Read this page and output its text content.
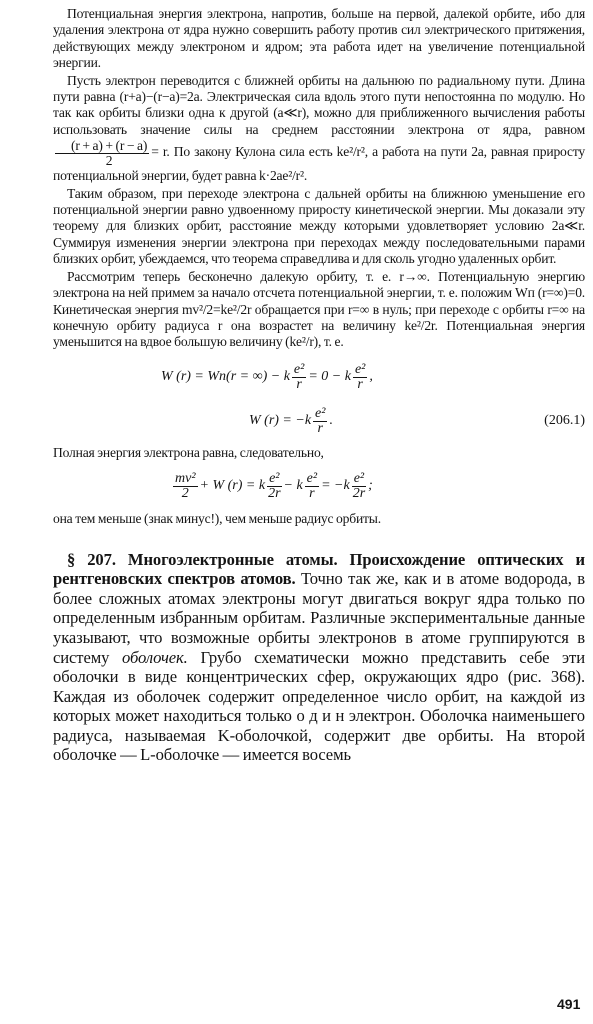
Потенциальная энергия электрона, напротив, больше на первой, далекой орбите, ибо для удаления электрона от ядра нужно совершить работу против сил электрического притяжения, действующих между электроном и ядром; эта работа идет на увеличение потенциальной энергии.

Пусть электрон переводится с ближней орбиты на дальнюю по радиальному пути. Длина пути равна (r+a)−(r−a)=2a. Электрическая сила вдоль этого пути непостоянна по модулю. Но так как орбиты близки одна к другой (a≪r), можно для приближенного вычисления работы использовать значение силы на среднем расстоянии электрона от ядра, равном
$\frac{(r + a) + (r - a)}{2} = r$. По закону Кулона сила есть ke²/r², а работа на пути 2a, равная приросту потенциальной энергии, будет равна k·2ae²/r².

Таким образом, при переходе электрона с дальней орбиты на ближнюю уменьшение его потенциальной энергии равно удвоенному приросту кинетической энергии. Мы доказали эту теорему для близких орбит, расстояние между которыми удовлетворяет условию 2a≪r. Суммируя изменения энергии электрона при переходах между последовательными парами близких орбит, убеждаемся, что теорема справедлива и для сколь угодно удаленных орбит.

Рассмотрим теперь бесконечно далекую орбиту, т. е. r→∞. Потенциальную энергию электрона на ней примем за начало отсчета потенциальной энергии, т. е. положим Wп (r=∞)=0. Кинетическая энергия mv²/2=ke²/2r обращается при r=∞ в нуль; при переходе с орбиты r=∞ на конечную орбиту радиуса r она возрастет на величину ke²/2r. Потенциальная энергия уменьшится на вдвое большую величину (ke²/r), т. е.

W (r) = Wп(r = ∞) − k $\frac{\text{e²}}{r} = 0 - k \frac{\text{e²}}{r}$ ,
W $(r) = -k \frac{\text{e²}}{r}$ .	(206.1)

Полная энергия электрона равна, следовательно,

$\frac{\text{mv²}}{2} + W$ (r) = k $\frac{\text{e²}}{2r} - k \frac{\text{e²}}{r} = -k \frac{\text{e²}}{2r}$ ;

она тем меньше (знак минус!), чем меньше радиус орбиты.

§ 207. Многоэлектронные атомы. Происхождение оптических и рентгеновских спектров атомов. Точно так же, как и в атоме водорода, в более сложных атомах электроны могут двигаться вокруг ядра только по определенным избранным орбитам. Различные экспериментальные данные указывают, что возможные орбиты электронов в атоме группируются в систему оболочек. Грубо схематически можно представить себе эти оболочки в виде концентрических сфер, окружающих ядро (рис. 368). Каждая из оболочек содержит определенное число орбит, на каждой из которых может находиться только о д и н электрон. Оболочка наименьшего радиуса, называемая K-оболочкой, содержит две орбиты. На второй оболочке — L-оболочке — имеется восемь

491
